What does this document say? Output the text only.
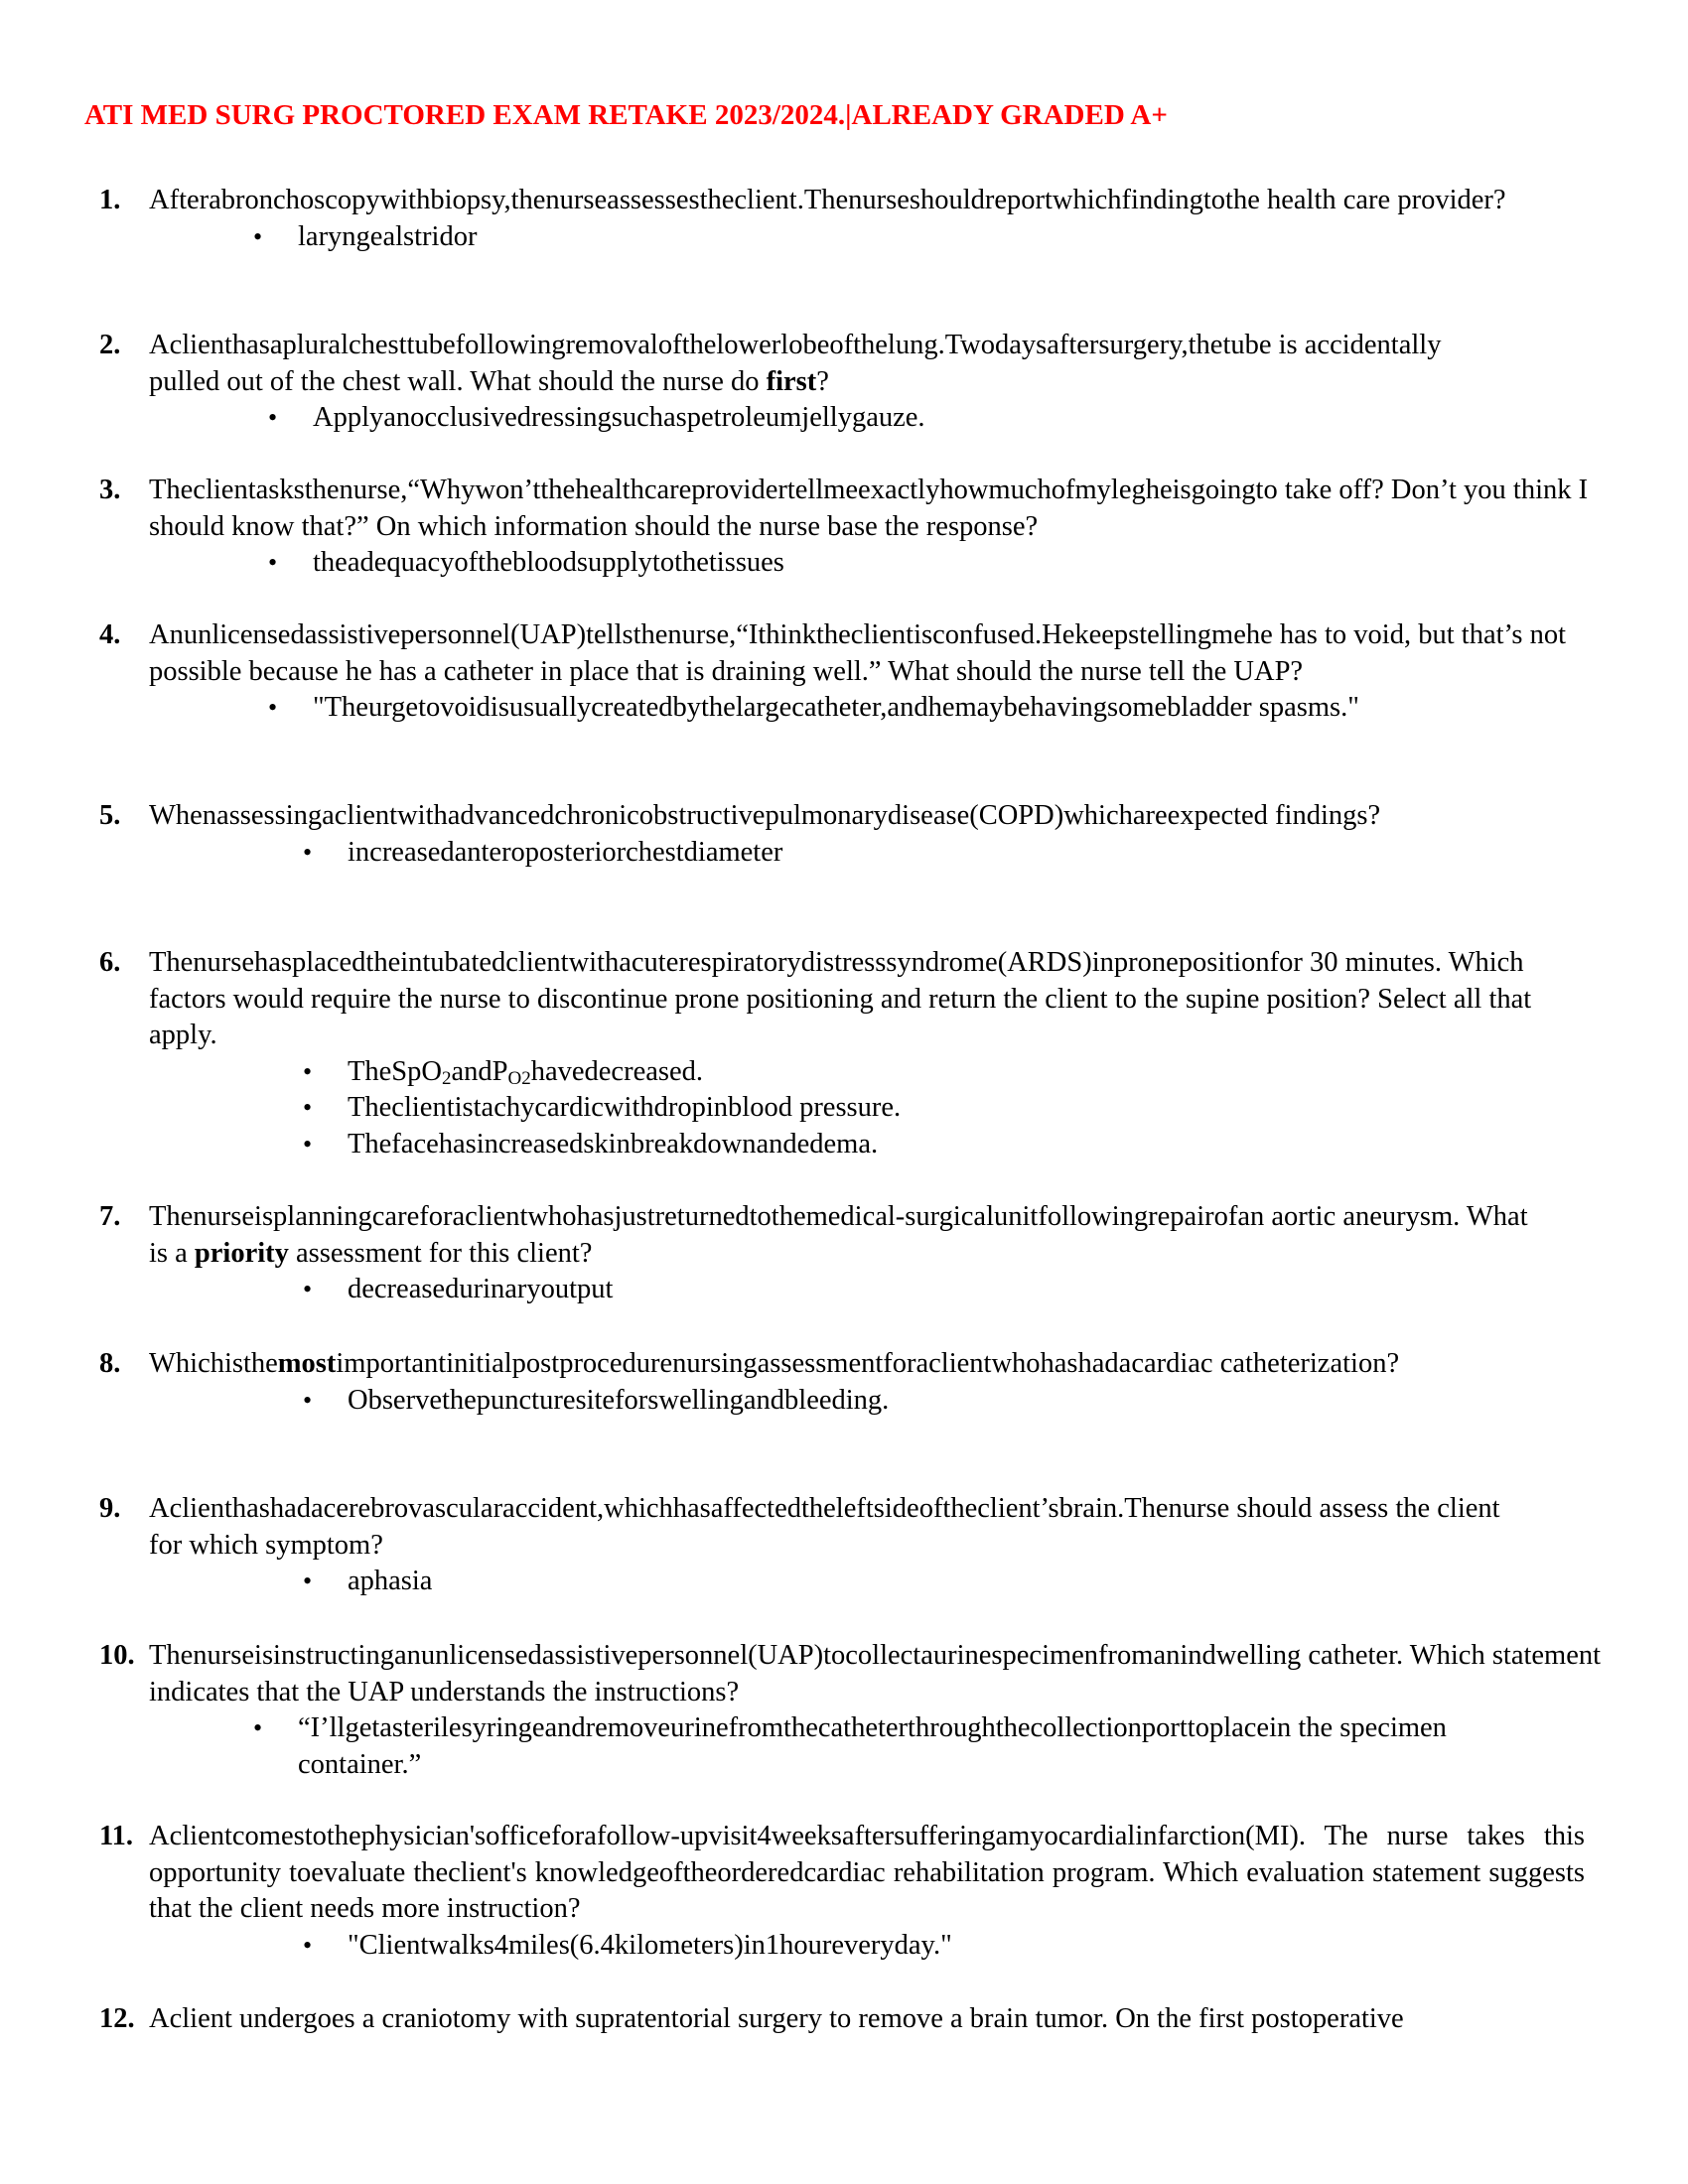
ATI MED SURG PROCTORED EXAM RETAKE 2023/2024.|ALREADY GRADED A+
1. Afterabronchoscopywithbiopsy,thenurseassessestheclient.Thenurseshouldreportwhichfindingtothe health care provider?
• laryngealstridor
2. Aclienthasapluralchesttubefollowingremovalofthelowerlobeofthelung.Twodaysaftersurgery,thetube is accidentally pulled out of the chest wall. What should the nurse do first?
• Applyanocclusivedressingsuchaspetroleumjellygauze.
3. Theclientasksthenurse,“Whywon’tthehealthcareprovidertellmeexactlyhowmuchofmylegheisgoingto take off? Don’t you think I should know that?” On which information should the nurse base the response?
• theadequacyofthebloodsupplytothetissues
4. Anunlicensedassistivepersonnel(UAP)tellsthenurse,“Ithinktheclientisconfused.Hekeepstellingmehe has to void, but that’s not possible because he has a catheter in place that is draining well.” What should the nurse tell the UAP?
• "Theurgetovoidisusuallycreatedbythelargecatheter,andhemaybehavingsomebladder spasms."
5. Whenassessingaclientwithadvancedchronicobstructivepulmonarydisease(COPD)whichareexpected findings?
• increasedanteroposteriorchestdiameter
6. Thenursehasplacedtheintubatedclientwithacuterespiratorydistresssyndrome(ARDS)inpronepositionfor 30 minutes. Which factors would require the nurse to discontinue prone positioning and return the client to the supine position? Select all that apply.
• TheSpO$_2$andP$_{O2}$havedecreased.
• Theclientistachycardicwithdropinblood pressure.
• Thefacehasincreasedskinbreakdownandedema.
7. Thenurseisplanningcareforaclientwhohasjustreturnedtothemedical-surgicalunitfollowingrepairofan aortic aneurysm. What is a priority assessment for this client?
• decreasedurinaryoutput
8. Whichisthemostimportantinitialpostprocedurenursingassessmentforaclientwhohashadacardiac catheterization?
• Observethepuncturesiteforswellingandbleeding.
9. Aclienthashadacerebrovascularaccident,whichhasaffectedtheleftsideoftheclient’sbrain.Thenurse should assess the client for which symptom?
• aphasia
10. Thenurseisinstructinganunlicensedassistivepersonnel(UAP)tocollectaurinespecimenfromanindwelling catheter. Which statement indicates that the UAP understands the instructions?
• “I’llgetasterilesyringeandremoveurinefromthecatheterthroughthecollectionporttoplacein the specimen container.”
11. Aclientcomestothephysician'sofficeforafollow-upvisit4weeksaftersufferingamyocardialinfarction(MI). The nurse takes this opportunity toevaluate theclient's knowledgeoftheorderedcardiac rehabilitation program. Which evaluation statement suggests that the client needs more instruction?
• "Clientwalks4miles(6.4kilometers)in1houreveryday."
12. Aclient undergoes a craniotomy with supratentorial surgery to remove a brain tumor. On the first postoperative
